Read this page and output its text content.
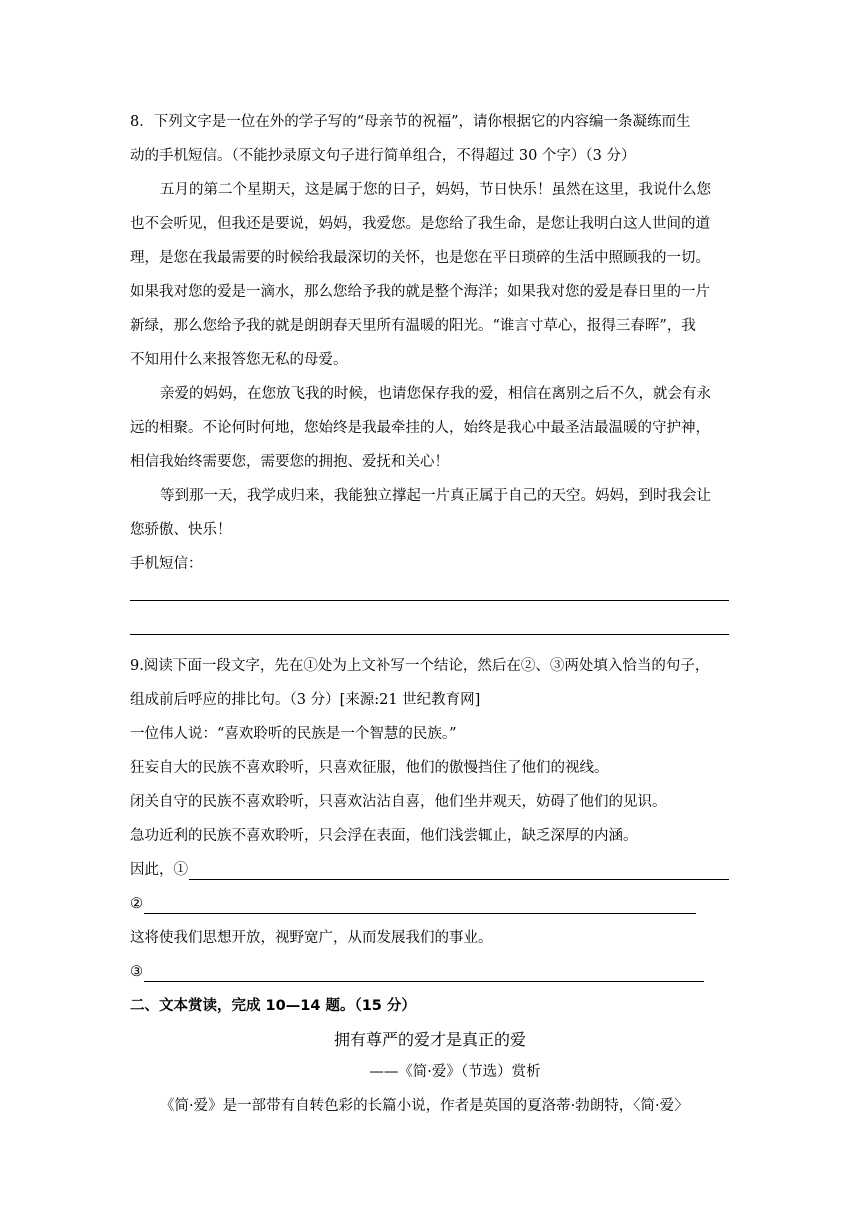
8．下列文字是一位在外的学子写的“母亲节的祝福”，请你根据它的内容编一条凝练而生
动的手机短信。（不能抄录原文句子进行简单组合，不得超过 30 个字）（3 分）
五月的第二个星期天，这是属于您的日子，妈妈，节日快乐！虽然在这里，我说什么您
也不会听见，但我还是要说，妈妈，我爱您。是您给了我生命，是您让我明白这人世间的道
理，是您在我最需要的时候给我最深切的关怀，也是您在平日琐碎的生活中照顾我的一切。
如果我对您的爱是一滴水，那么您给予我的就是整个海洋；如果我对您的爱是春日里的一片
新绿，那么您给予我的就是朗朗春天里所有温暖的阳光。“谁言寸草心，报得三春晖”，我
不知用什么来报答您无私的母爱。
亲爱的妈妈，在您放飞我的时候，也请您保存我的爱，相信在离别之后不久，就会有永
远的相聚。不论何时何地，您始终是我最牵挂的人，始终是我心中最圣洁最温暖的守护神，
相信我始终需要您，需要您的拥抱、爱抚和关心！
等到那一天，我学成归来，我能独立撑起一片真正属于自己的天空。妈妈，到时我会让
您骄傲、快乐！
手机短信：
9.阅读下面一段文字，先在①处为上文补写一个结论，然后在②、③两处填入恰当的句子，
组成前后呼应的排比句。（3 分）[来源:21 世纪教育网]
一位伟人说：“喜欢聆听的民族是一个智慧的民族。”
狂妄自大的民族不喜欢聆听，只喜欢征服，他们的傲慢挡住了他们的视线。
闭关自守的民族不喜欢聆听，只喜欢沾沾自喜，他们坐井观天，妨碍了他们的见识。
急功近利的民族不喜欢聆听，只会浮在表面，他们浅尝辄止，缺乏深厚的内涵。
因此，①
②
这将使我们思想开放，视野宽广，从而发展我们的事业。
③
二、文本赏读，完成 10—14 题。（15 分）
拥有尊严的爱才是真正的爱
——《简·爱》（节选）赏析
《简·爱》是一部带有自转色彩的长篇小说，作者是英国的夏洛蒂·勃朗特，〈简·爱〉
